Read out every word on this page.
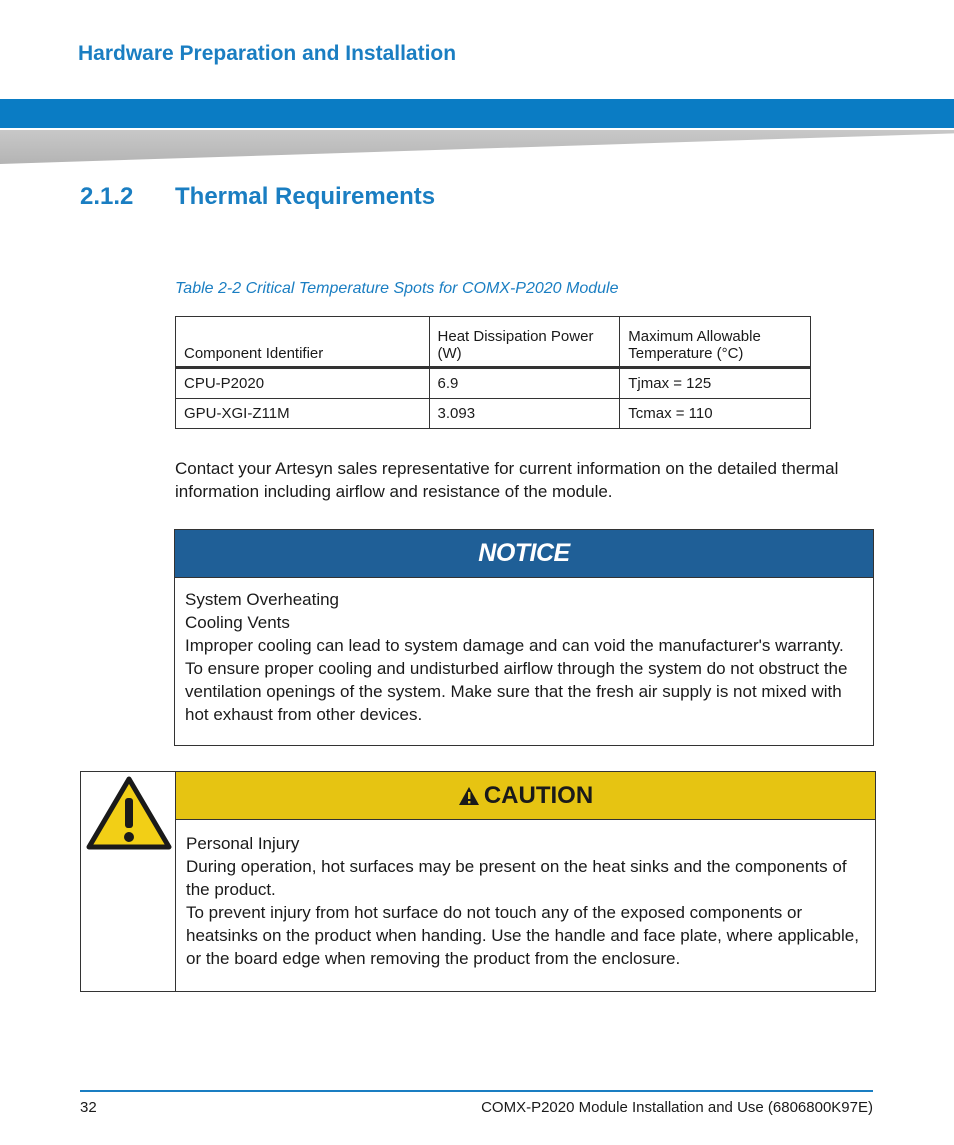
Hardware Preparation and Installation
2.1.2 Thermal Requirements
Table 2-2 Critical Temperature Spots for COMX-P2020 Module
Component Identifier	Heat Dissipation Power (W)	Maximum Allowable Temperature (°C)
CPU-P2020	6.9	Tjmax = 125
GPU-XGI-Z11M	3.093	Tcmax = 110
Contact your Artesyn sales representative for current information on the detailed thermal information including airflow and resistance of the module.
NOTICE
System Overheating
Cooling Vents
Improper cooling can lead to system damage and can void the manufacturer's warranty.
To ensure proper cooling and undisturbed airflow through the system do not obstruct the ventilation openings of the system. Make sure that the fresh air supply is not mixed with hot exhaust from other devices.
CAUTION
Personal Injury
During operation, hot surfaces may be present on the heat sinks and the components of the product.
To prevent injury from hot surface do not touch any of the exposed components or heatsinks on the product when handing. Use the handle and face plate, where applicable, or the board edge when removing the product from the enclosure.
32	COMX-P2020 Module Installation and Use (6806800K97E)
